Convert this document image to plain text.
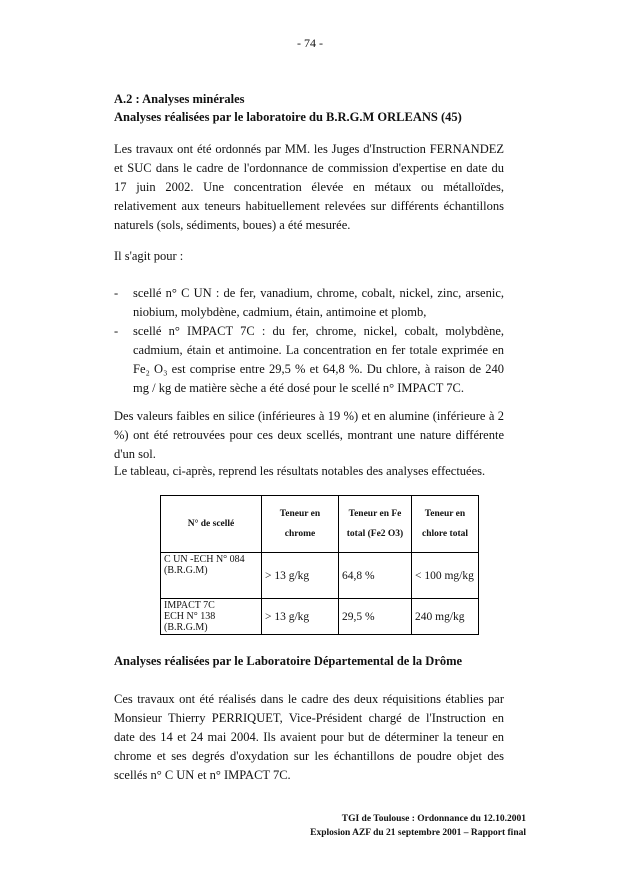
- 74 -
A.2 : Analyses minérales
Analyses réalisées par le laboratoire du B.R.G.M ORLEANS (45)
Les travaux ont été ordonnés par MM. les Juges d'Instruction FERNANDEZ et SUC dans le cadre de l'ordonnance de commission d'expertise en date du 17 juin 2002. Une concentration élevée en métaux ou métalloïdes, relativement aux teneurs habituellement relevées sur différents échantillons naturels (sols, sédiments, boues) a été mesurée.
Il s'agit pour :
- scellé n° C UN : de fer, vanadium, chrome, cobalt, nickel, zinc, arsenic, niobium, molybdène, cadmium, étain, antimoine et plomb,
- scellé n° IMPACT 7C : du fer, chrome, nickel, cobalt, molybdène, cadmium, étain et antimoine. La concentration en fer totale exprimée en Fe₂ O₃ est comprise entre 29,5 % et 64,8 %. Du chlore, à raison de 240 mg / kg de matière sèche a été dosé pour le scellé n° IMPACT 7C.
Des valeurs faibles en silice (inférieures à 19 %) et en alumine (inférieure à 2 %) ont été retrouvées pour ces deux scellés, montrant une nature différente d'un sol.
Le tableau, ci-après, reprend les résultats notables des analyses effectuées.
N° de scellé	Teneur en chrome	Teneur en Fe total (Fe2 O3)	Teneur en chlore total

C UN -ECH N° 084
(B.R.G.M)	> 13 g/kg	64,8 %	< 100 mg/kg

IMPACT 7C
ECH N° 138
(B.R.G.M)	> 13 g/kg	29,5 %	240 mg/kg
Analyses réalisées par le Laboratoire Départemental de la Drôme
Ces travaux ont été réalisés dans le cadre des deux réquisitions établies par Monsieur Thierry PERRIQUET, Vice-Président chargé de l'Instruction en date des 14 et 24 mai 2004. Ils avaient pour but de déterminer la teneur en chrome et ses degrés d'oxydation sur les échantillons de poudre objet des scellés n° C UN et n° IMPACT 7C.
TGI de Toulouse : Ordonnance du 12.10.2001
Explosion AZF du 21 septembre 2001 – Rapport final
